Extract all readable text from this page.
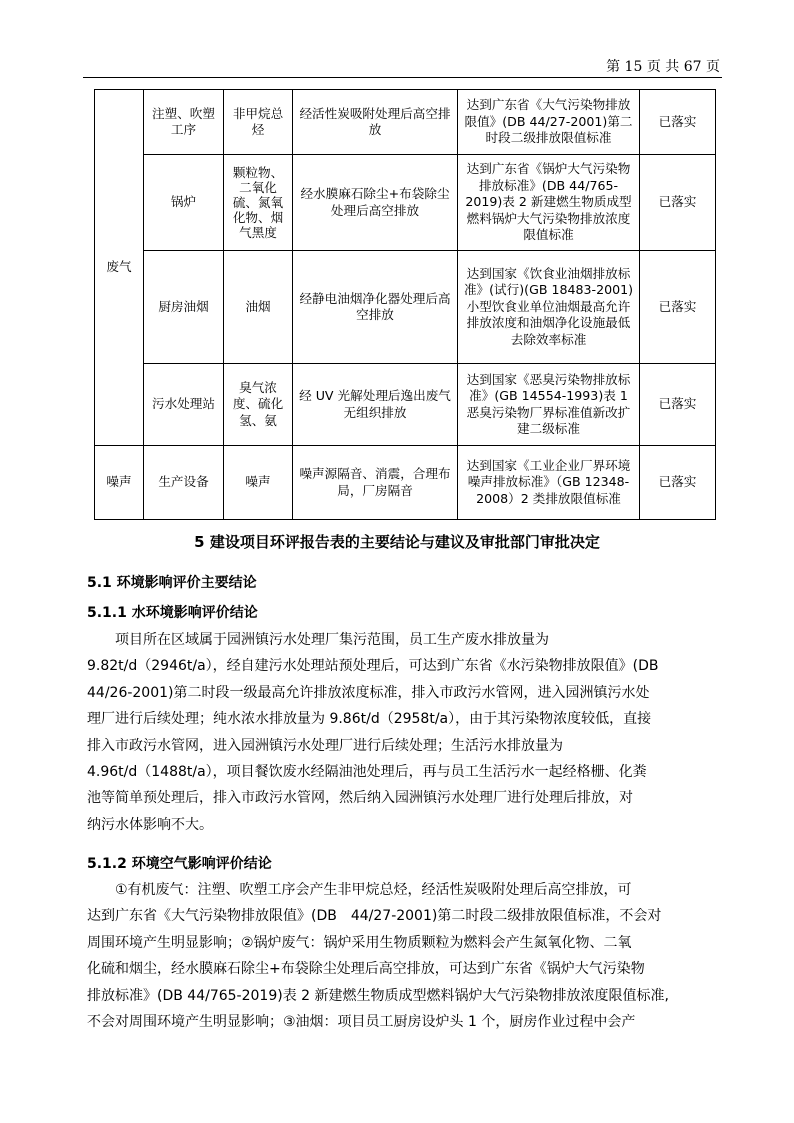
第 15 页 共 67 页
废气	注塑、吹塑工序	非甲烷总烃	经活性炭吸附处理后高空排放	达到广东省《大气污染物排放限值》(DB 44/27-2001)第二时段二级排放限值标准	已落实
	锅炉	颗粒物、二氧化硫、氮氧化物、烟气黑度	经水膜麻石除尘+布袋除尘处理后高空排放	达到广东省《锅炉大气污染物排放标准》(DB 44/765-2019)表 2 新建燃生物质成型燃料锅炉大气污染物排放浓度限值标准	已落实
	厨房油烟	油烟	经静电油烟净化器处理后高空排放	达到国家《饮食业油烟排放标准》(试行)(GB 18483-2001)小型饮食业单位油烟最高允许排放浓度和油烟净化设施最低去除效率标准	已落实
	污水处理站	臭气浓度、硫化氢、氨	经 UV 光解处理后逸出废气无组织排放	达到国家《恶臭污染物排放标准》(GB 14554-1993)表 1 恶臭污染物厂界标准值新改扩建二级标准	已落实
噪声	生产设备	噪声	噪声源隔音、消震，合理布局，厂房隔音	达到国家《工业企业厂界环境噪声排放标准》（GB 12348-2008）2 类排放限值标准	已落实
5 建设项目环评报告表的主要结论与建议及审批部门审批决定
5.1 环境影响评价主要结论
5.1.1 水环境影响评价结论
　　项目所在区域属于园洲镇污水处理厂集污范围，员工生产废水排放量为
9.82t/d（2946t/a），经自建污水处理站预处理后，可达到广东省《水污染物排放限值》(DB
44/26-2001)第二时段一级最高允许排放浓度标准，排入市政污水管网，进入园洲镇污水处
理厂进行后续处理；纯水浓水排放量为 9.86t/d（2958t/a），由于其污染物浓度较低，直接
排入市政污水管网，进入园洲镇污水处理厂进行后续处理；生活污水排放量为
4.96t/d（1488t/a），项目餐饮废水经隔油池处理后，再与员工生活污水一起经格栅、化粪
池等简单预处理后，排入市政污水管网，然后纳入园洲镇污水处理厂进行处理后排放，对
纳污水体影响不大。
5.1.2 环境空气影响评价结论
　　①有机废气：注塑、吹塑工序会产生非甲烷总烃，经活性炭吸附处理后高空排放，可
达到广东省《大气污染物排放限值》(DB　44/27-2001)第二时段二级排放限值标准，不会对
周围环境产生明显影响；②锅炉废气：锅炉采用生物质颗粒为燃料会产生氮氧化物、二氧
化硫和烟尘，经水膜麻石除尘+布袋除尘处理后高空排放，可达到广东省《锅炉大气污染物
排放标准》(DB 44/765-2019)表 2 新建燃生物质成型燃料锅炉大气污染物排放浓度限值标准,
不会对周围环境产生明显影响；③油烟：项目员工厨房设炉头 1 个，厨房作业过程中会产
